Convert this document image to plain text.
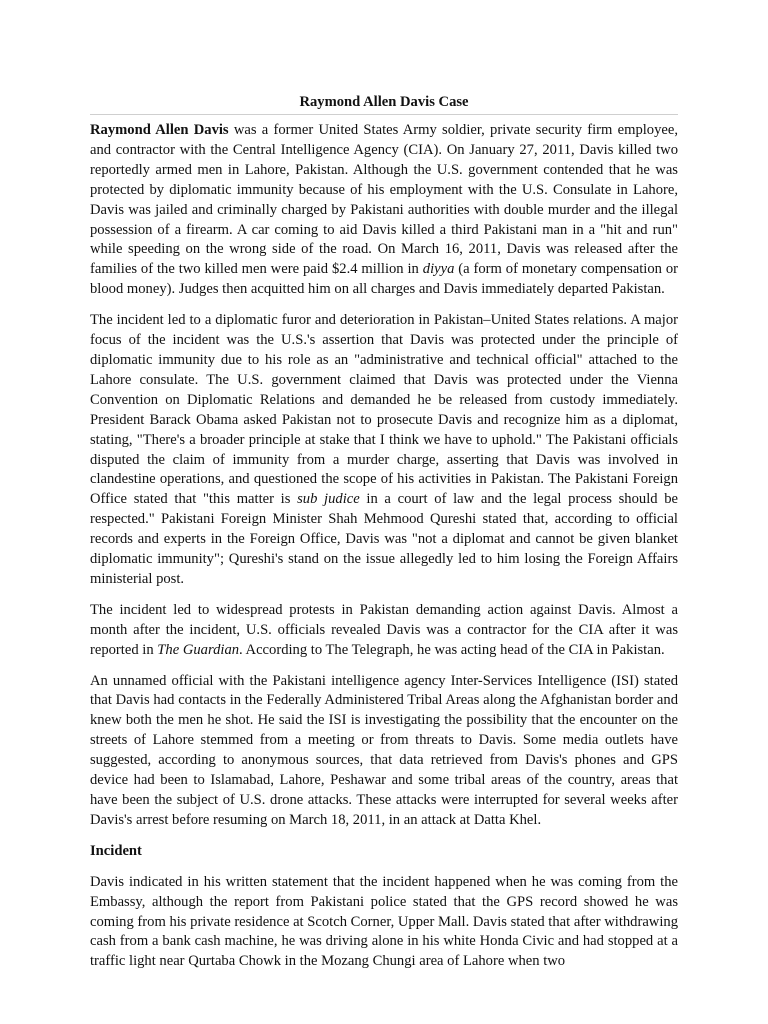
Raymond Allen Davis Case

Raymond Allen Davis was a former United States Army soldier, private security firm employee, and contractor with the Central Intelligence Agency (CIA). On January 27, 2011, Davis killed two reportedly armed men in Lahore, Pakistan. Although the U.S. government contended that he was protected by diplomatic immunity because of his employment with the U.S. Consulate in Lahore, Davis was jailed and criminally charged by Pakistani authorities with double murder and the illegal possession of a firearm. A car coming to aid Davis killed a third Pakistani man in a "hit and run" while speeding on the wrong side of the road. On March 16, 2011, Davis was released after the families of the two killed men were paid $2.4 million in diyya (a form of monetary compensation or blood money). Judges then acquitted him on all charges and Davis immediately departed Pakistan.

The incident led to a diplomatic furor and deterioration in Pakistan–United States relations. A major focus of the incident was the U.S.'s assertion that Davis was protected under the principle of diplomatic immunity due to his role as an "administrative and technical official" attached to the Lahore consulate. The U.S. government claimed that Davis was protected under the Vienna Convention on Diplomatic Relations and demanded he be released from custody immediately. President Barack Obama asked Pakistan not to prosecute Davis and recognize him as a diplomat, stating, "There's a broader principle at stake that I think we have to uphold." The Pakistani officials disputed the claim of immunity from a murder charge, asserting that Davis was involved in clandestine operations, and questioned the scope of his activities in Pakistan. The Pakistani Foreign Office stated that "this matter is sub judice in a court of law and the legal process should be respected." Pakistani Foreign Minister Shah Mehmood Qureshi stated that, according to official records and experts in the Foreign Office, Davis was "not a diplomat and cannot be given blanket diplomatic immunity"; Qureshi's stand on the issue allegedly led to him losing the Foreign Affairs ministerial post.

The incident led to widespread protests in Pakistan demanding action against Davis. Almost a month after the incident, U.S. officials revealed Davis was a contractor for the CIA after it was reported in The Guardian. According to The Telegraph, he was acting head of the CIA in Pakistan.

An unnamed official with the Pakistani intelligence agency Inter-Services Intelligence (ISI) stated that Davis had contacts in the Federally Administered Tribal Areas along the Afghanistan border and knew both the men he shot. He said the ISI is investigating the possibility that the encounter on the streets of Lahore stemmed from a meeting or from threats to Davis. Some media outlets have suggested, according to anonymous sources, that data retrieved from Davis's phones and GPS device had been to Islamabad, Lahore, Peshawar and some tribal areas of the country, areas that have been the subject of U.S. drone attacks. These attacks were interrupted for several weeks after Davis's arrest before resuming on March 18, 2011, in an attack at Datta Khel.

Incident

Davis indicated in his written statement that the incident happened when he was coming from the Embassy, although the report from Pakistani police stated that the GPS record showed he was coming from his private residence at Scotch Corner, Upper Mall. Davis stated that after withdrawing cash from a bank cash machine, he was driving alone in his white Honda Civic and had stopped at a traffic light near Qurtaba Chowk in the Mozang Chungi area of Lahore when two
